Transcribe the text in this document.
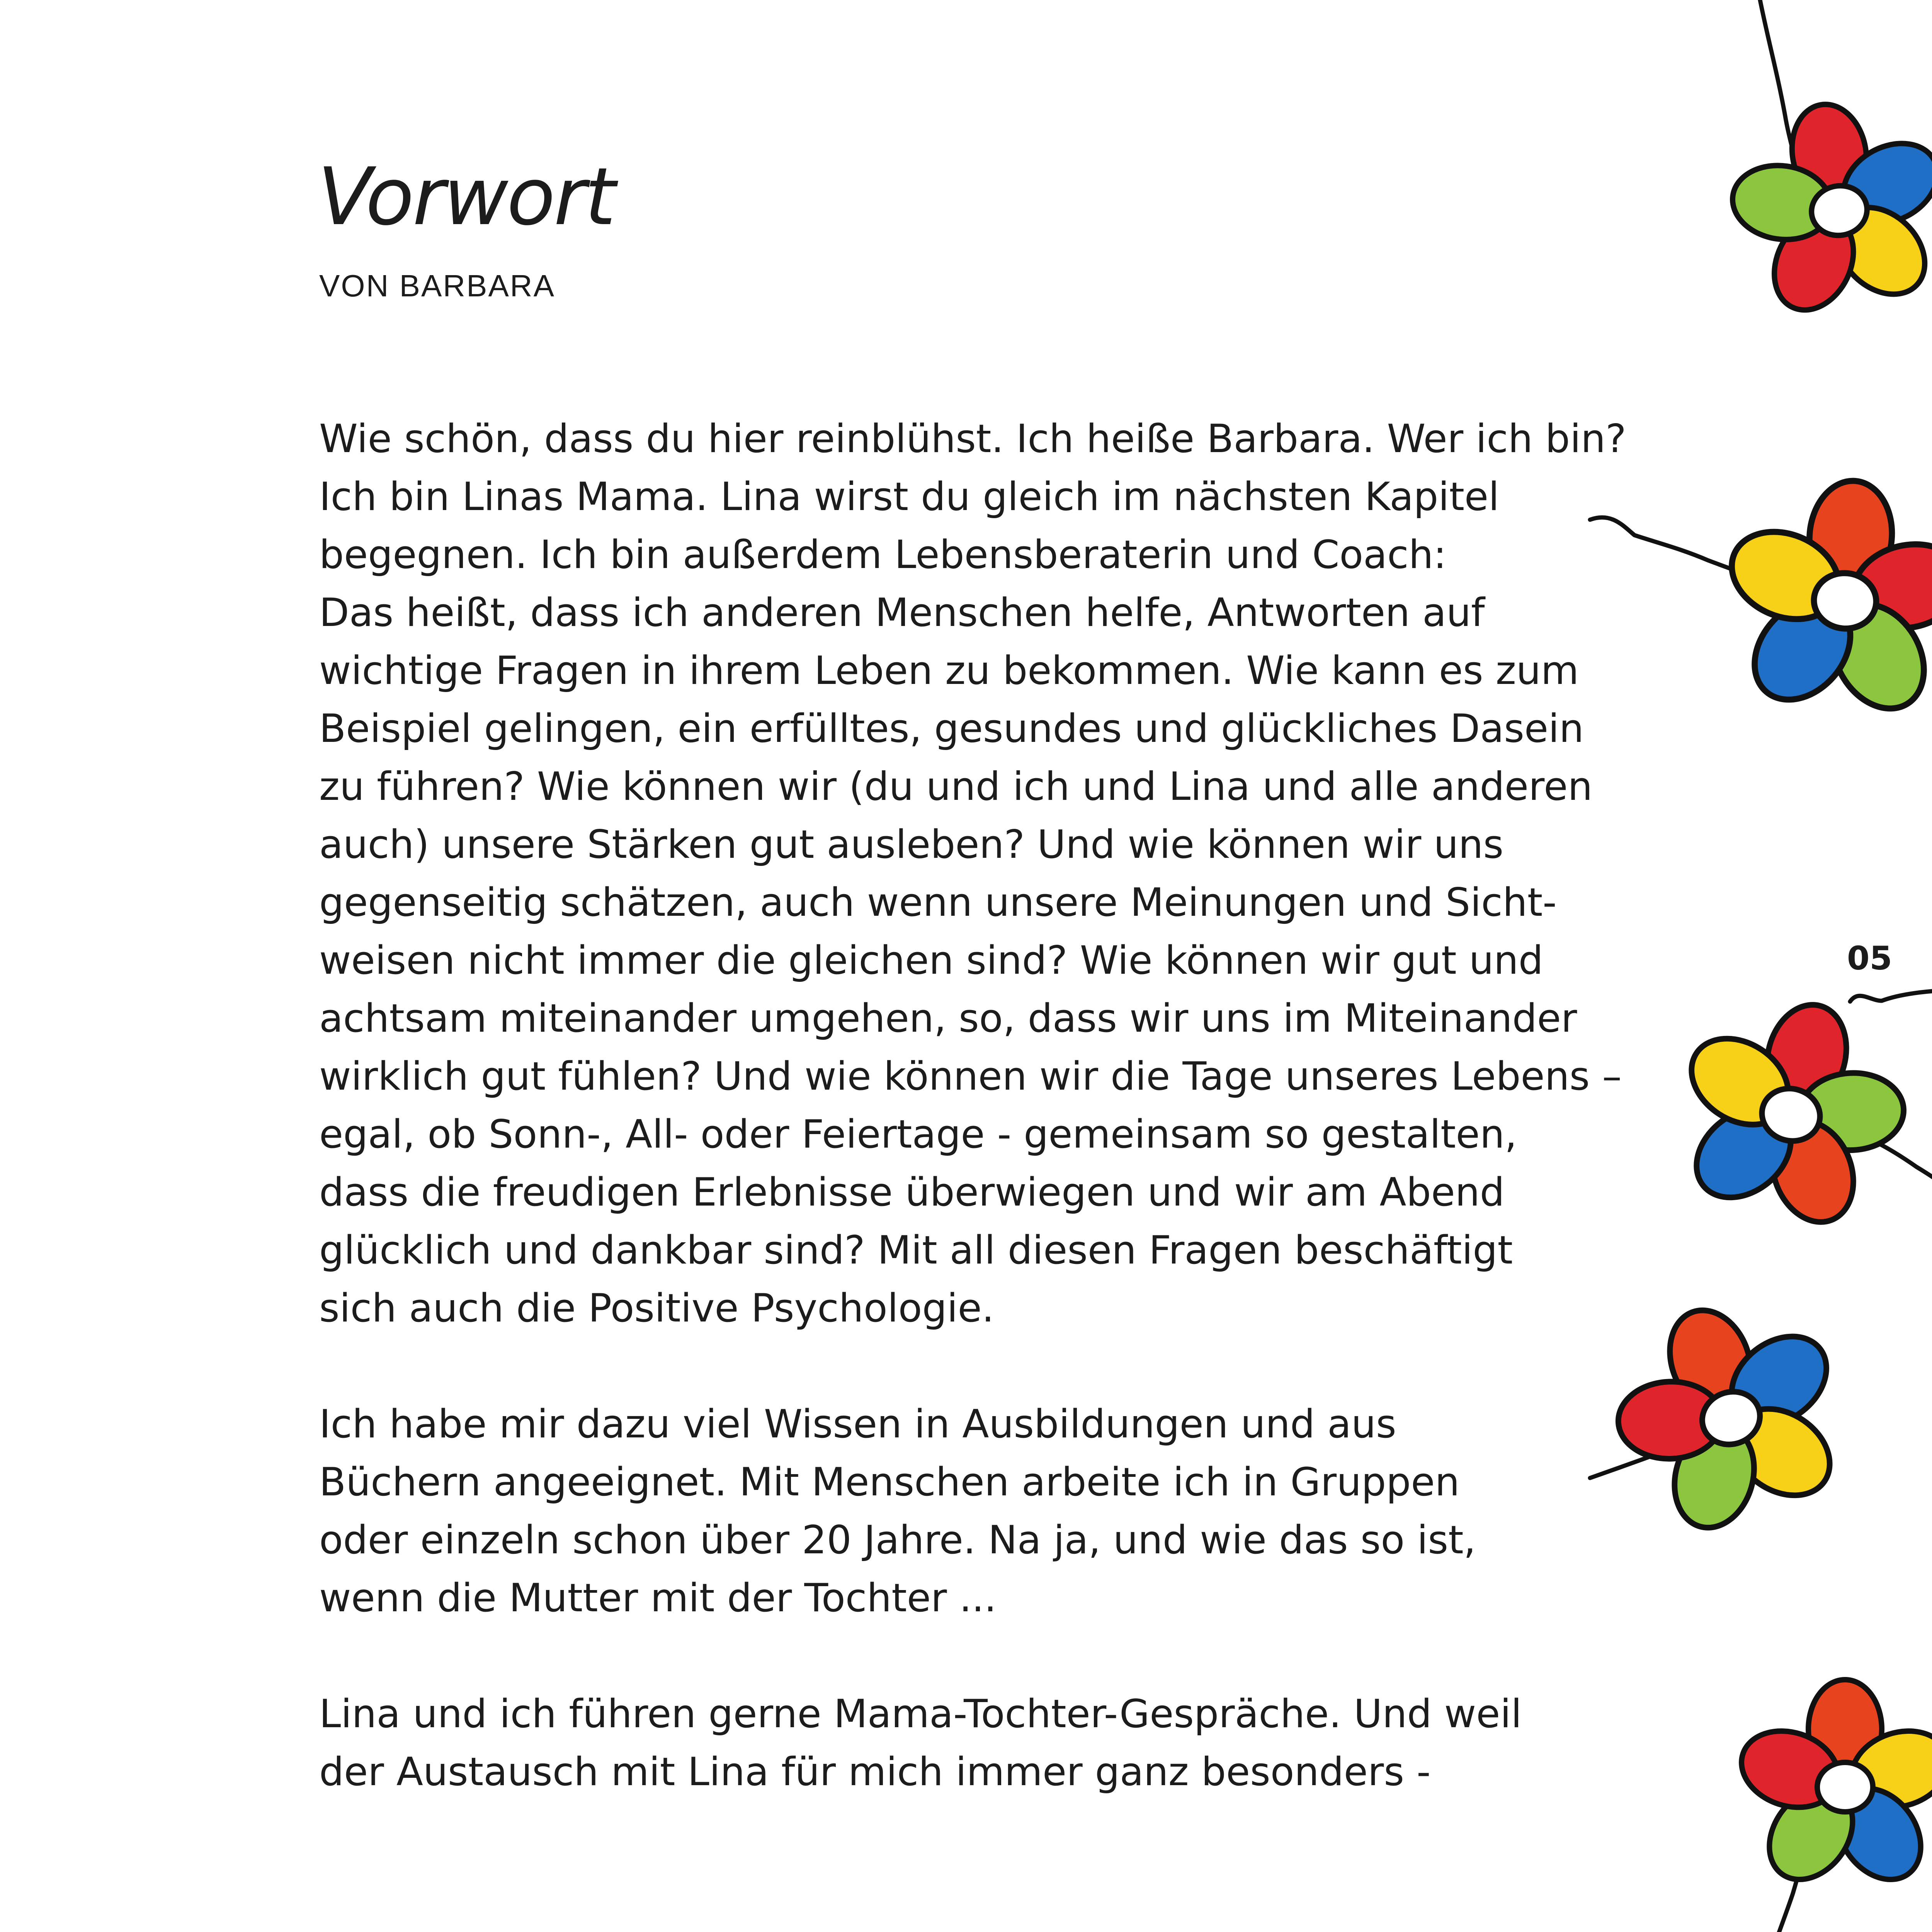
Vorwort
VON BARBARA

Wie schön, dass du hier reinblühst. Ich heiße Barbara. Wer ich bin?
Ich bin Linas Mama. Lina wirst du gleich im nächsten Kapitel
begegnen. Ich bin außerdem Lebensberaterin und Coach:
Das heißt, dass ich anderen Menschen helfe, Antworten auf
wichtige Fragen in ihrem Leben zu bekommen. Wie kann es zum
Beispiel gelingen, ein erfülltes, gesundes und glückliches Dasein
zu führen? Wie können wir (du und ich und Lina und alle anderen
auch) unsere Stärken gut ausleben? Und wie können wir uns
gegenseitig schätzen, auch wenn unsere Meinungen und Sicht-
weisen nicht immer die gleichen sind? Wie können wir gut und
achtsam miteinander umgehen, so, dass wir uns im Miteinander
wirklich gut fühlen? Und wie können wir die Tage unseres Lebens –
egal, ob Sonn-, All- oder Feiertage - gemeinsam so gestalten,
dass die freudigen Erlebnisse überwiegen und wir am Abend
glücklich und dankbar sind? Mit all diesen Fragen beschäftigt
sich auch die Positive Psychologie.

Ich habe mir dazu viel Wissen in Ausbildungen und aus
Büchern angeeignet. Mit Menschen arbeite ich in Gruppen
oder einzeln schon über 20 Jahre. Na ja, und wie das so ist,
wenn die Mutter mit der Tochter ...

Lina und ich führen gerne Mama-Tochter-Gespräche. Und weil
der Austausch mit Lina für mich immer ganz besonders -

05
